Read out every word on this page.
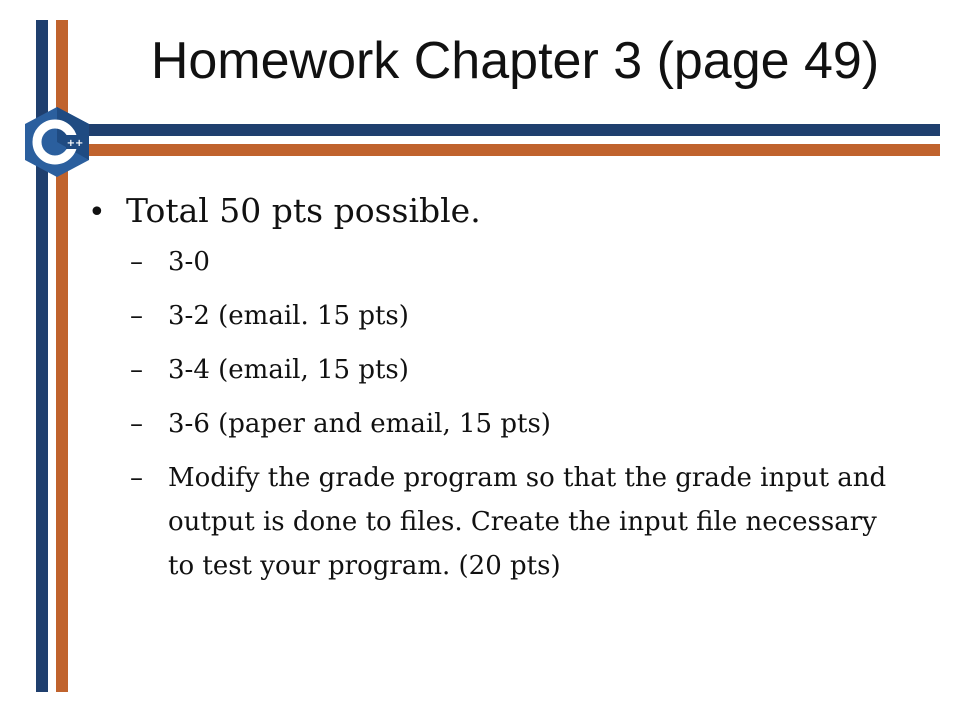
++
Homework Chapter 3 (page 49)
• Total 50 pts possible.
– 3-0
– 3-2 (email. 15 pts)
– 3-4 (email, 15 pts)
– 3-6 (paper and email, 15 pts)
– Modify the grade program so that the grade input and output is done to files. Create the input file necessary to test your program. (20 pts)
